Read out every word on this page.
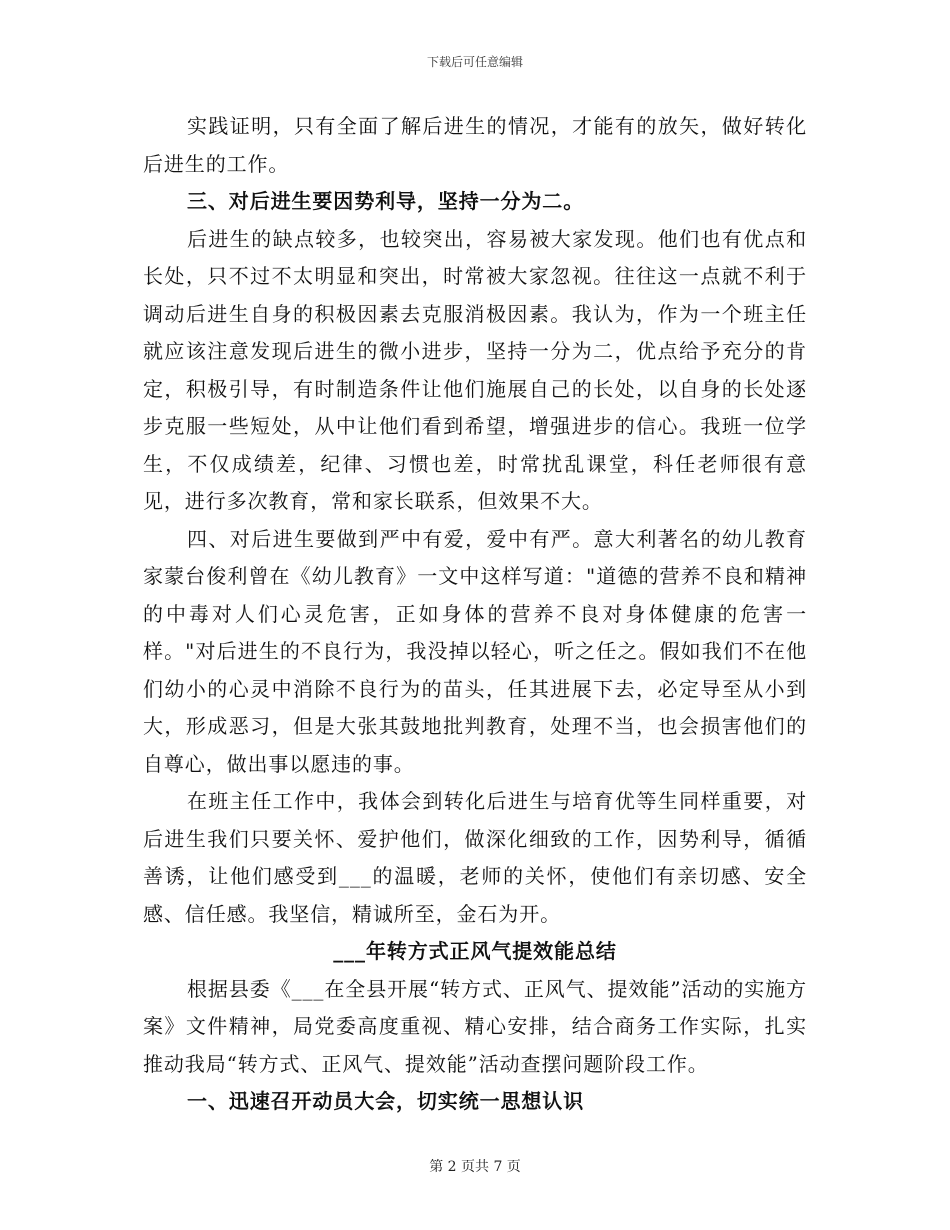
下载后可任意编辑

实践证明，只有全面了解后进生的情况，才能有的放矢，做好转化后进生的工作。

三、对后进生要因势利导，坚持一分为二。

后进生的缺点较多，也较突出，容易被大家发现。他们也有优点和长处，只不过不太明显和突出，时常被大家忽视。往往这一点就不利于调动后进生自身的积极因素去克服消极因素。我认为，作为一个班主任就应该注意发现后进生的微小进步，坚持一分为二，优点给予充分的肯定，积极引导，有时制造条件让他们施展自己的长处，以自身的长处逐步克服一些短处，从中让他们看到希望，增强进步的信心。我班一位学生，不仅成绩差，纪律、习惯也差，时常扰乱课堂，科任老师很有意见，进行多次教育，常和家长联系，但效果不大。

四、对后进生要做到严中有爱，爱中有严。意大利著名的幼儿教育家蒙台俊利曾在《幼儿教育》一文中这样写道："道德的营养不良和精神的中毒对人们心灵危害，正如身体的营养不良对身体健康的危害一样。"对后进生的不良行为，我没掉以轻心，听之任之。假如我们不在他们幼小的心灵中消除不良行为的苗头，任其进展下去，必定导至从小到大，形成恶习，但是大张其鼓地批判教育，处理不当，也会损害他们的自尊心，做出事以愿违的事。

在班主任工作中，我体会到转化后进生与培育优等生同样重要，对后进生我们只要关怀、爱护他们，做深化细致的工作，因势利导，循循善诱，让他们感受到___的温暖，老师的关怀，使他们有亲切感、安全感、信任感。我坚信，精诚所至，金石为开。

___年转方式正风气提效能总结

根据县委《___在全县开展“转方式、正风气、提效能”活动的实施方案》文件精神，局党委高度重视、精心安排，结合商务工作实际，扎实推动我局“转方式、正风气、提效能”活动查摆问题阶段工作。

一、迅速召开动员大会，切实统一思想认识

第 2 页共 7 页
